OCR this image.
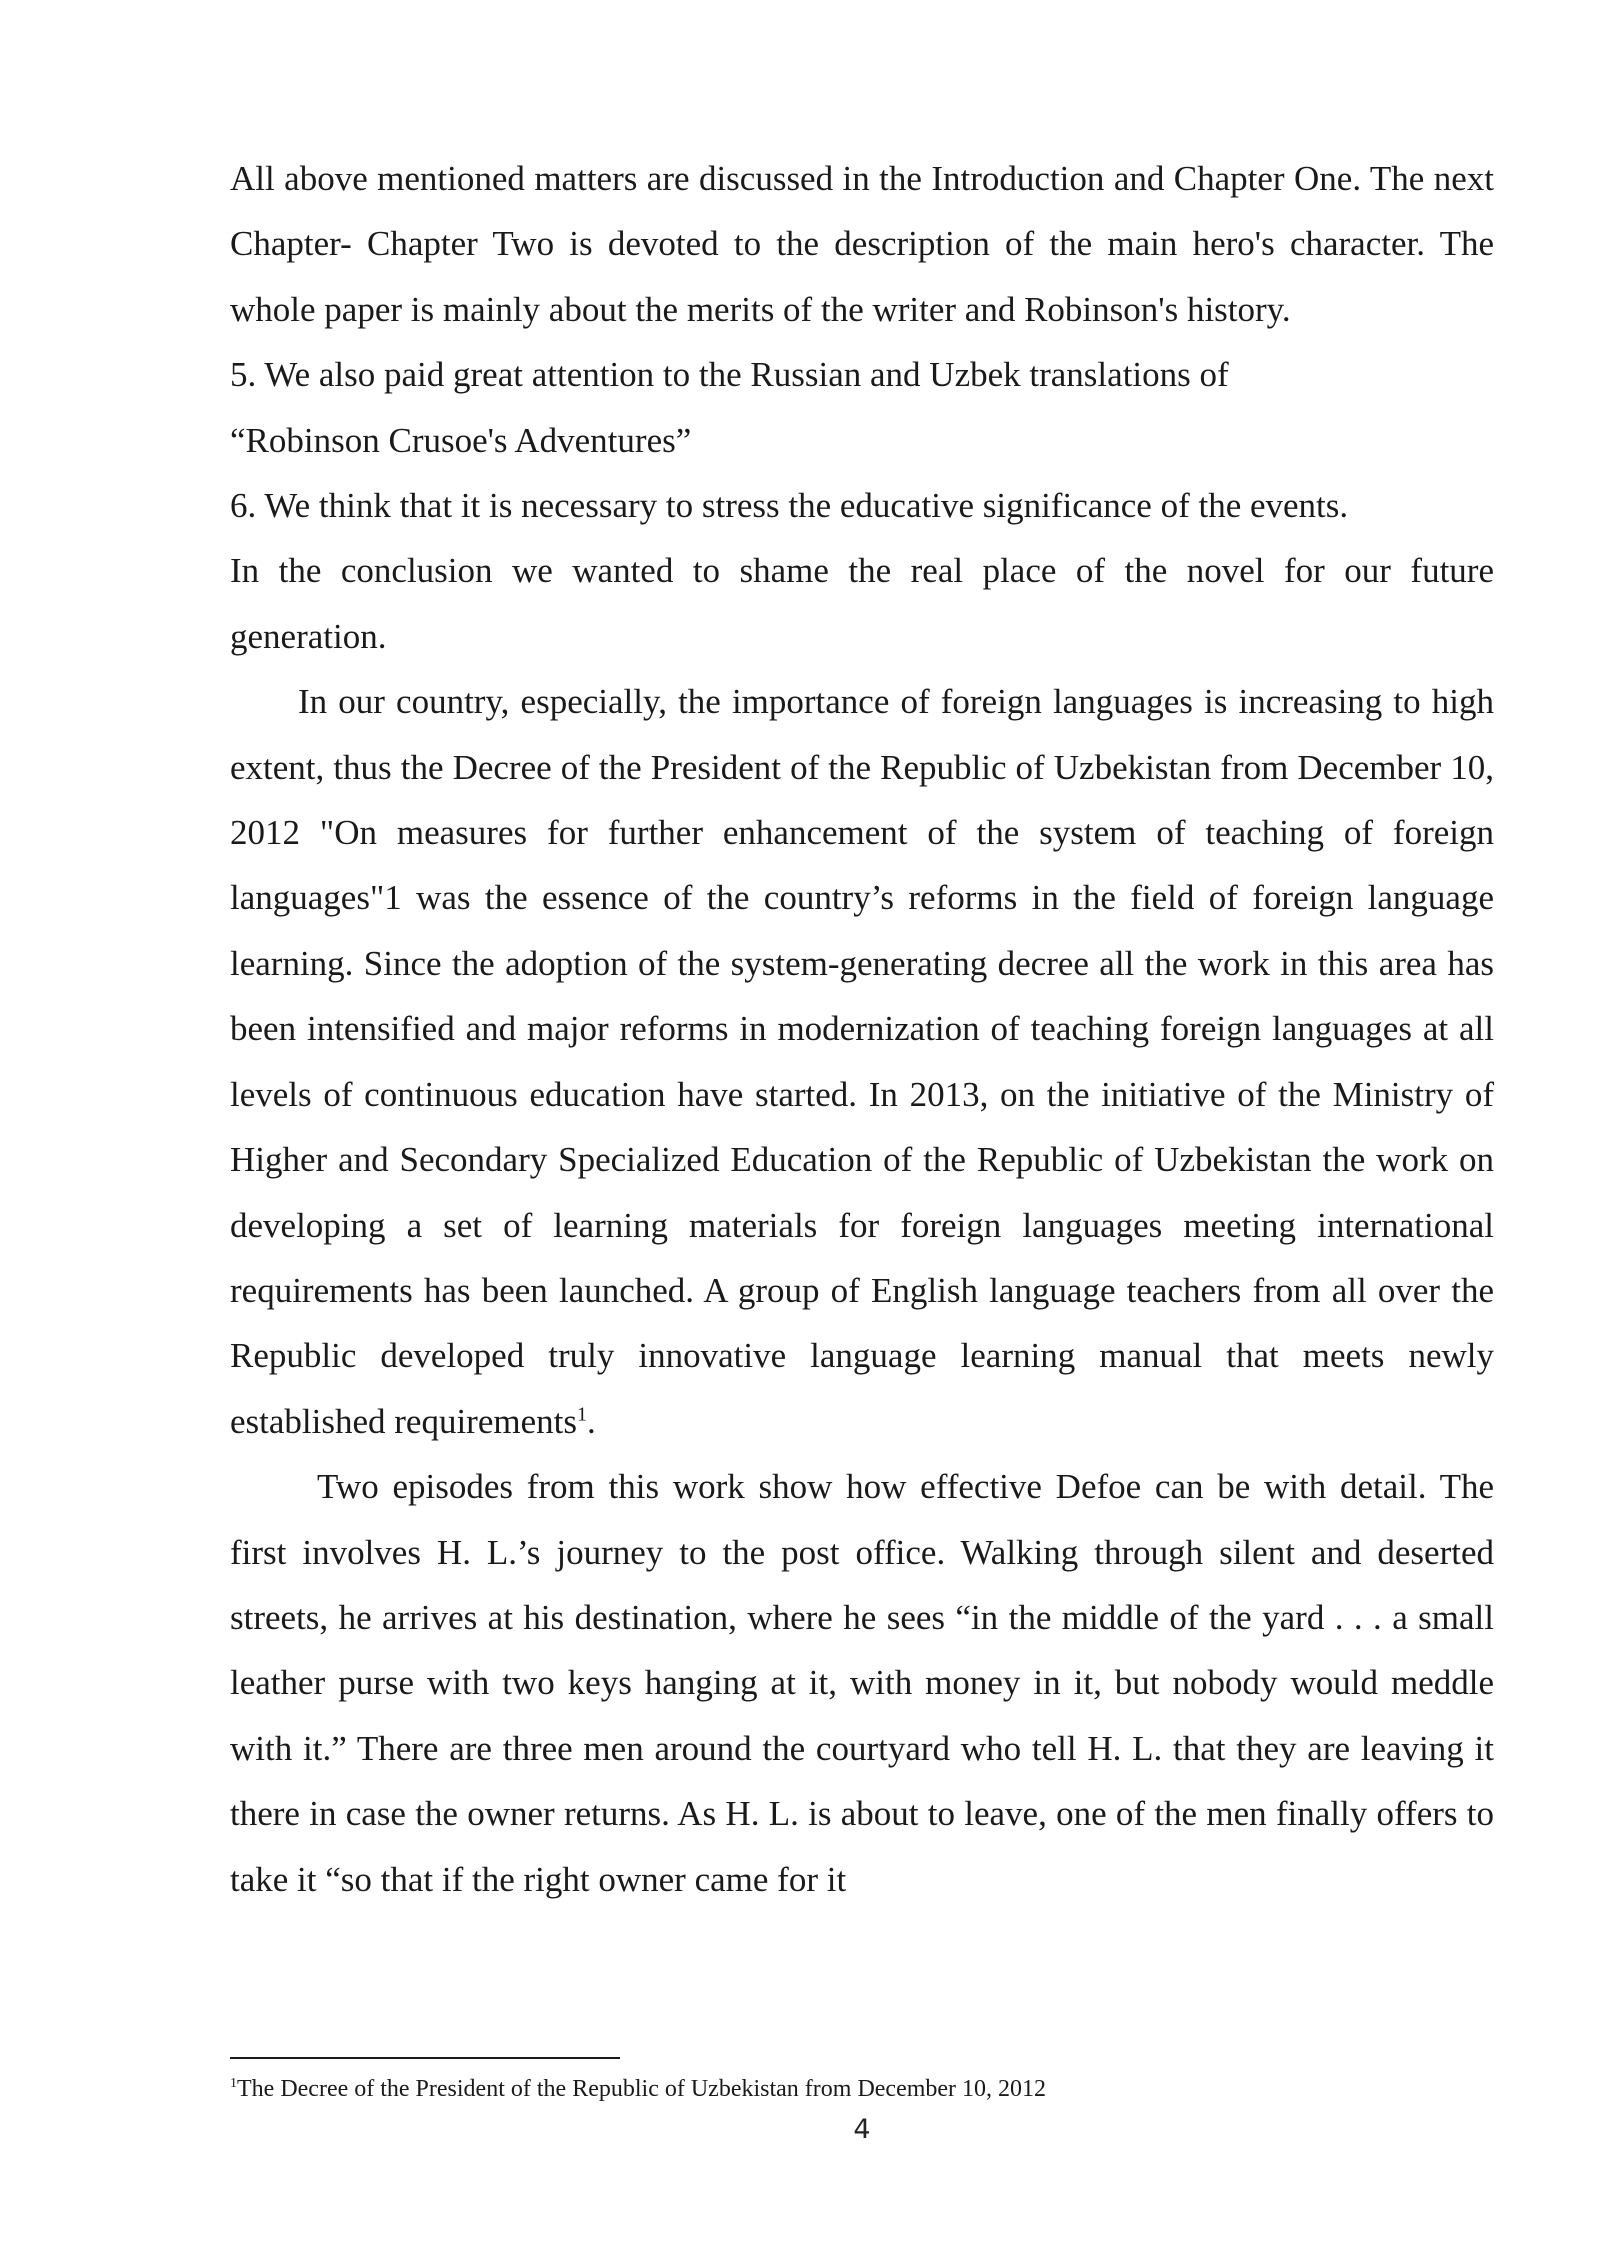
All above mentioned matters are discussed in the Introduction and Chapter One. The next Chapter- Chapter Two is devoted to the description of the main hero's character. The whole paper is mainly about the merits of the writer and Robinson's history.

5. We also paid great attention to the Russian and Uzbek translations of

“Robinson Crusoe's Adventures”

6. We think that it is necessary to stress the educative significance of the events.

In the conclusion we wanted to shame the real place of the novel for our future generation.

In our country, especially, the importance of foreign languages is increasing to high extent, thus the Decree of the President of the Republic of Uzbekistan from December 10, 2012 "On measures for further enhancement of the system of teaching of foreign languages"1 was the essence of the country’s reforms in the field of foreign language learning. Since the adoption of the system-generating decree all the work in this area has been intensified and major reforms in modernization of teaching foreign languages at all levels of continuous education have started. In 2013, on the initiative of the Ministry of Higher and Secondary Specialized Education of the Republic of Uzbekistan the work on developing a set of learning materials for foreign languages meeting international requirements has been launched. A group of English language teachers from all over the Republic developed truly innovative language learning manual that meets newly established requirements$^1$.

Two episodes from this work show how effective Defoe can be with detail. The first involves H. L.’s journey to the post office. Walking through silent and deserted streets, he arrives at his destination, where he sees “in the middle of the yard . . . a small leather purse with two keys hanging at it, with money in it, but nobody would meddle with it.” There are three men around the courtyard who tell H. L. that they are leaving it there in case the owner returns. As H. L. is about to leave, one of the men finally offers to take it “so that if the right owner came for it

$^1$The Decree of the President of the Republic of Uzbekistan from December 10, 2012
4
